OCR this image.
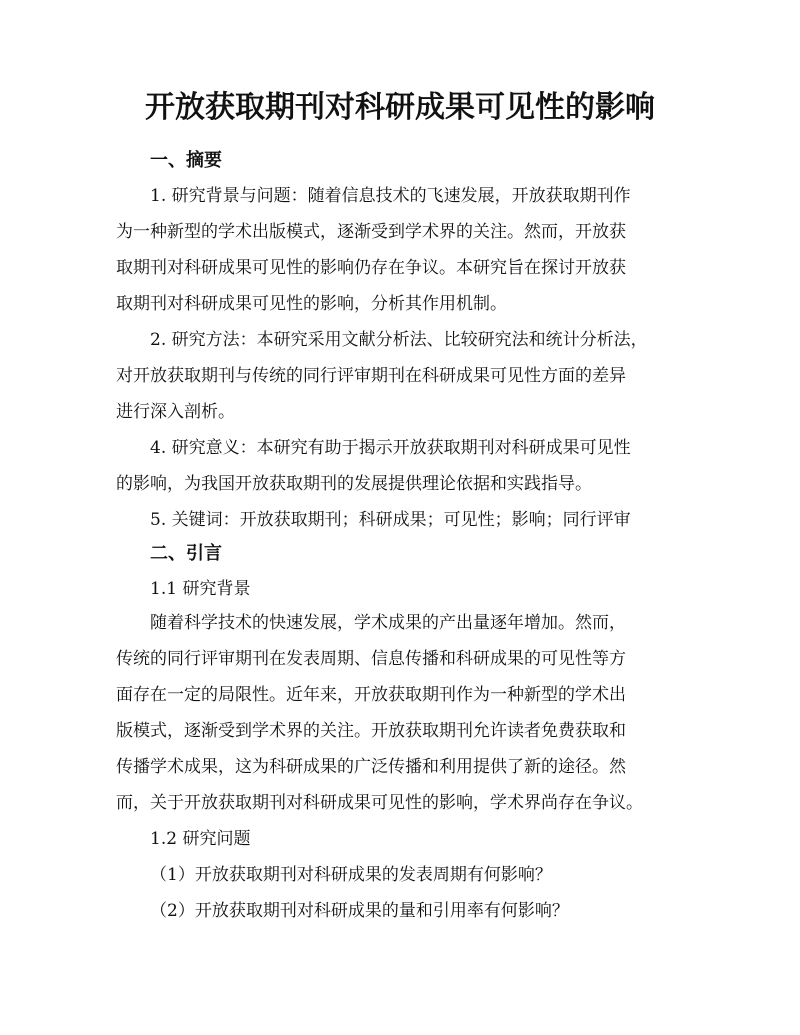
开放获取期刊对科研成果可见性的影响
一、摘要
1. 研究背景与问题：随着信息技术的飞速发展，开放获取期刊作
为一种新型的学术出版模式，逐渐受到学术界的关注。然而，开放获
取期刊对科研成果可见性的影响仍存在争议。本研究旨在探讨开放获
取期刊对科研成果可见性的影响，分析其作用机制。
2. 研究方法：本研究采用文献分析法、比较研究法和统计分析法，
对开放获取期刊与传统的同行评审期刊在科研成果可见性方面的差异
进行深入剖析。
4. 研究意义：本研究有助于揭示开放获取期刊对科研成果可见性
的影响，为我国开放获取期刊的发展提供理论依据和实践指导。
5. 关键词：开放获取期刊；科研成果；可见性；影响；同行评审
二、引言
1.1 研究背景
随着科学技术的快速发展，学术成果的产出量逐年增加。然而，
传统的同行评审期刊在发表周期、信息传播和科研成果的可见性等方
面存在一定的局限性。近年来，开放获取期刊作为一种新型的学术出
版模式，逐渐受到学术界的关注。开放获取期刊允许读者免费获取和
传播学术成果，这为科研成果的广泛传播和利用提供了新的途径。然
而，关于开放获取期刊对科研成果可见性的影响，学术界尚存在争议。
1.2 研究问题
（1）开放获取期刊对科研成果的发表周期有何影响？
（2）开放获取期刊对科研成果的量和引用率有何影响？
